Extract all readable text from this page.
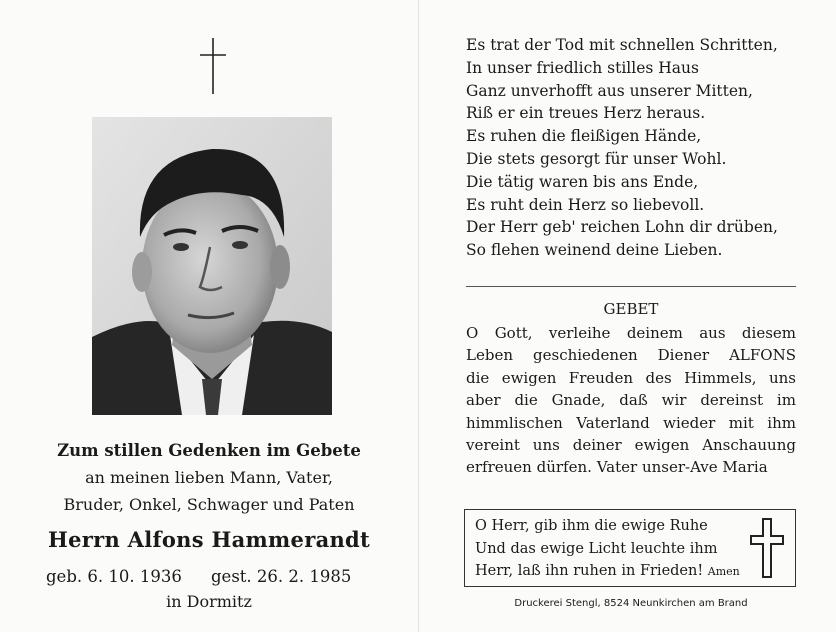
Zum stillen Gedenken im Gebete
an meinen lieben Mann, Vater,
Bruder, Onkel, Schwager und Paten
Herrn Alfons Hammerandt
geb. 6. 10. 1936 gest. 26. 2. 1985
in Dormitz
Es trat der Tod mit schnellen Schritten,
In unser friedlich stilles Haus
Ganz unverhofft aus unserer Mitten,
Riß er ein treues Herz heraus.
Es ruhen die fleißigen Hände,
Die stets gesorgt für unser Wohl.
Die tätig waren bis ans Ende,
Es ruht dein Herz so liebevoll.
Der Herr geb' reichen Lohn dir drüben,
So flehen weinend deine Lieben.
GEBET
O Gott, verleihe deinem aus diesem
Leben geschiedenen Diener ALFONS
die ewigen Freuden des Himmels, uns
aber die Gnade, daß wir dereinst im
himmlischen Vaterland wieder mit ihm
vereint uns deiner ewigen Anschauung
erfreuen dürfen. Vater unser-Ave Maria
O Herr, gib ihm die ewige Ruhe
Und das ewige Licht leuchte ihm
Herr, laß ihn ruhen in Frieden! Amen
Druckerei Stengl, 8524 Neunkirchen am Brand
